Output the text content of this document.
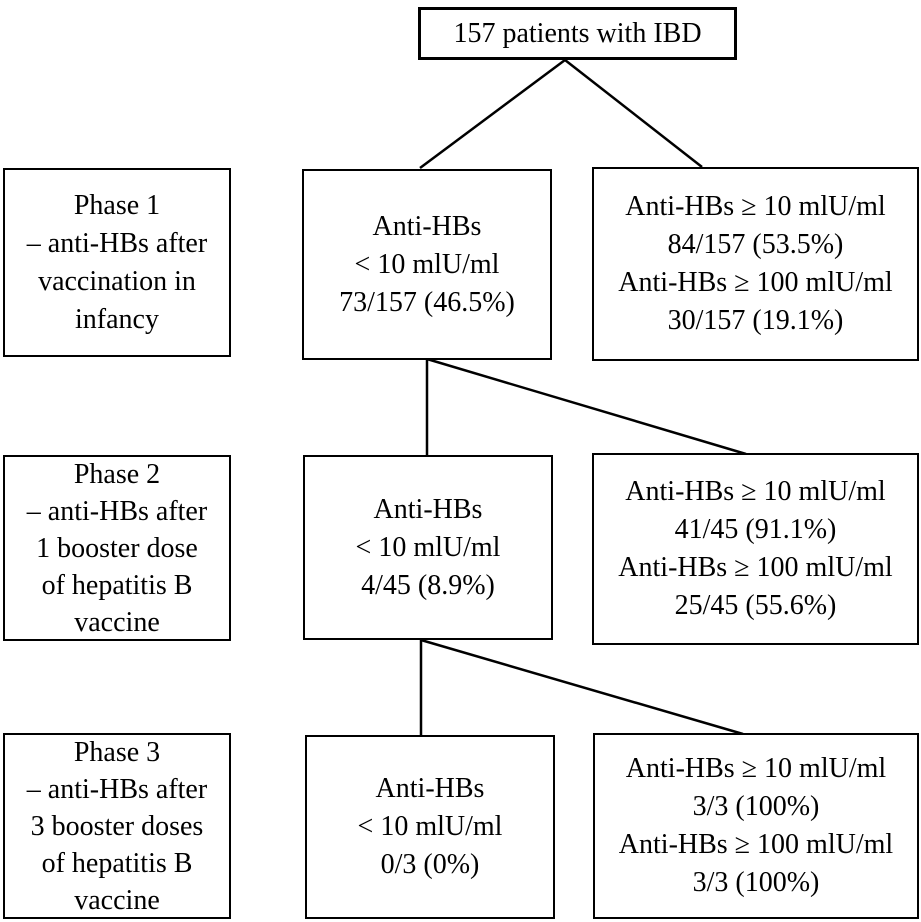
157 patients with IBD
Phase 1
– anti-HBs after
vaccination in
infancy
Anti-HBs
< 10 mlU/ml
73/157 (46.5%)
Anti-HBs ≥ 10 mlU/ml
84/157 (53.5%)
Anti-HBs ≥ 100 mlU/ml
30/157 (19.1%)
Phase 2
– anti-HBs after
1 booster dose
of hepatitis B
vaccine
Anti-HBs
< 10 mlU/ml
4/45 (8.9%)
Anti-HBs ≥ 10 mlU/ml
41/45 (91.1%)
Anti-HBs ≥ 100 mlU/ml
25/45 (55.6%)
Phase 3
– anti-HBs after
3 booster doses
of hepatitis B
vaccine
Anti-HBs
< 10 mlU/ml
0/3 (0%)
Anti-HBs ≥ 10 mlU/ml
3/3 (100%)
Anti-HBs ≥ 100 mlU/ml
3/3 (100%)
